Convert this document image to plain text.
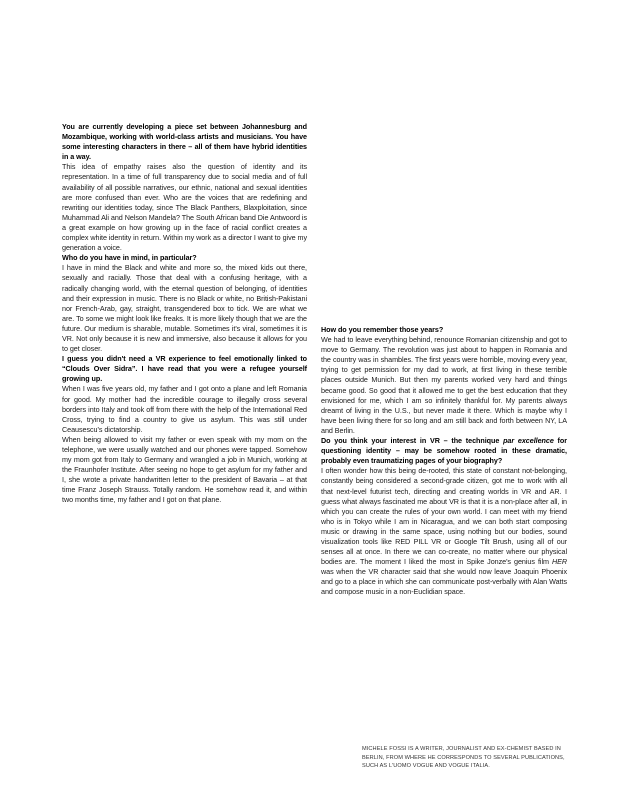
You are currently developing a piece set between Johannesburg and Mozambique, working with world-class artists and musicians. You have some interesting characters in there – all of them have hybrid identities in a way.

This idea of empathy raises also the question of identity and its representation. In a time of full transparency due to social media and of full availability of all possible narratives, our ethnic, national and sexual identities are more confused than ever. Who are the voices that are redefining and rewriting our identities today, since The Black Panthers, Blaxploitation, since Muhammad Ali and Nelson Mandela? The South African band Die Antwoord is a great example on how growing up in the face of racial conflict creates a complex white identity in return. Within my work as a director I want to give my generation a voice.

Who do you have in mind, in particular?

I have in mind the Black and white and more so, the mixed kids out there, sexually and racially. Those that deal with a confusing heritage, with a radically changing world, with the eternal question of belonging, of identities and their expression in music. There is no Black or white, no British-Pakistani nor French-Arab, gay, straight, transgendered box to tick. We are what we are. To some we might look like freaks. It is more likely though that we are the future. Our medium is sharable, mutable. Sometimes it's viral, sometimes it is VR. Not only because it is new and immersive, also because it allows for you to get closer.

I guess you didn't need a VR experience to feel emotionally linked to “Clouds Over Sidra”. I have read that you were a refugee yourself growing up.

When I was five years old, my father and I got onto a plane and left Romania for good. My mother had the incredible courage to illegally cross several borders into Italy and took off from there with the help of the International Red Cross, trying to find a country to give us asylum. This was still under Ceausescu's dictatorship.

When being allowed to visit my father or even speak with my mom on the telephone, we were usually watched and our phones were tapped. Somehow my mom got from Italy to Germany and wrangled a job in Munich, working at the Fraunhofer Institute. After seeing no hope to get asylum for my father and I, she wrote a private handwritten letter to the president of Bavaria – at that time Franz Joseph Strauss. Totally random. He somehow read it, and within two months time, my father and I got on that plane.

How do you remember those years?

We had to leave everything behind, renounce Romanian citizenship and got to move to Germany. The revolution was just about to happen in Romania and the country was in shambles. The first years were horrible, moving every year, trying to get permission for my dad to work, at first living in these terrible places outside Munich. But then my parents worked very hard and things became good. So good that it allowed me to get the best education that they envisioned for me, which I am so infinitely thankful for. My parents always dreamt of living in the U.S., but never made it there. Which is maybe why I have been living there for so long and am still back and forth between NY, LA and Berlin.

Do you think your interest in VR – the technique par excellence for questioning identity – may be somehow rooted in these dramatic, probably even traumatizing pages of your biography?

I often wonder how this being de-rooted, this state of constant not-belonging, constantly being considered a second-grade citizen, got me to work with all that next-level futurist tech, directing and creating worlds in VR and AR. I guess what always fascinated me about VR is that it is a non-place after all, in which you can create the rules of your own world. I can meet with my friend who is in Tokyo while I am in Nicaragua, and we can both start composing music or drawing in the same space, using nothing but our bodies, sound visualization tools like RED PILL VR or Google Tilt Brush, using all of our senses all at once. In there we can co-create, no matter where our physical bodies are. The moment I liked the most in Spike Jonze's genius film HER was when the VR character said that she would now leave Joaquin Phoenix and go to a place in which she can communicate post-verbally with Alan Watts and compose music in a non-Euclidian space.

MICHELE FOSSI IS A WRITER, JOURNALIST AND EX-CHEMIST BASED IN BERLIN, FROM WHERE HE CORRESPONDS TO SEVERAL PUBLICATIONS, SUCH AS L'UOMO VOGUE AND VOGUE ITALIA.
